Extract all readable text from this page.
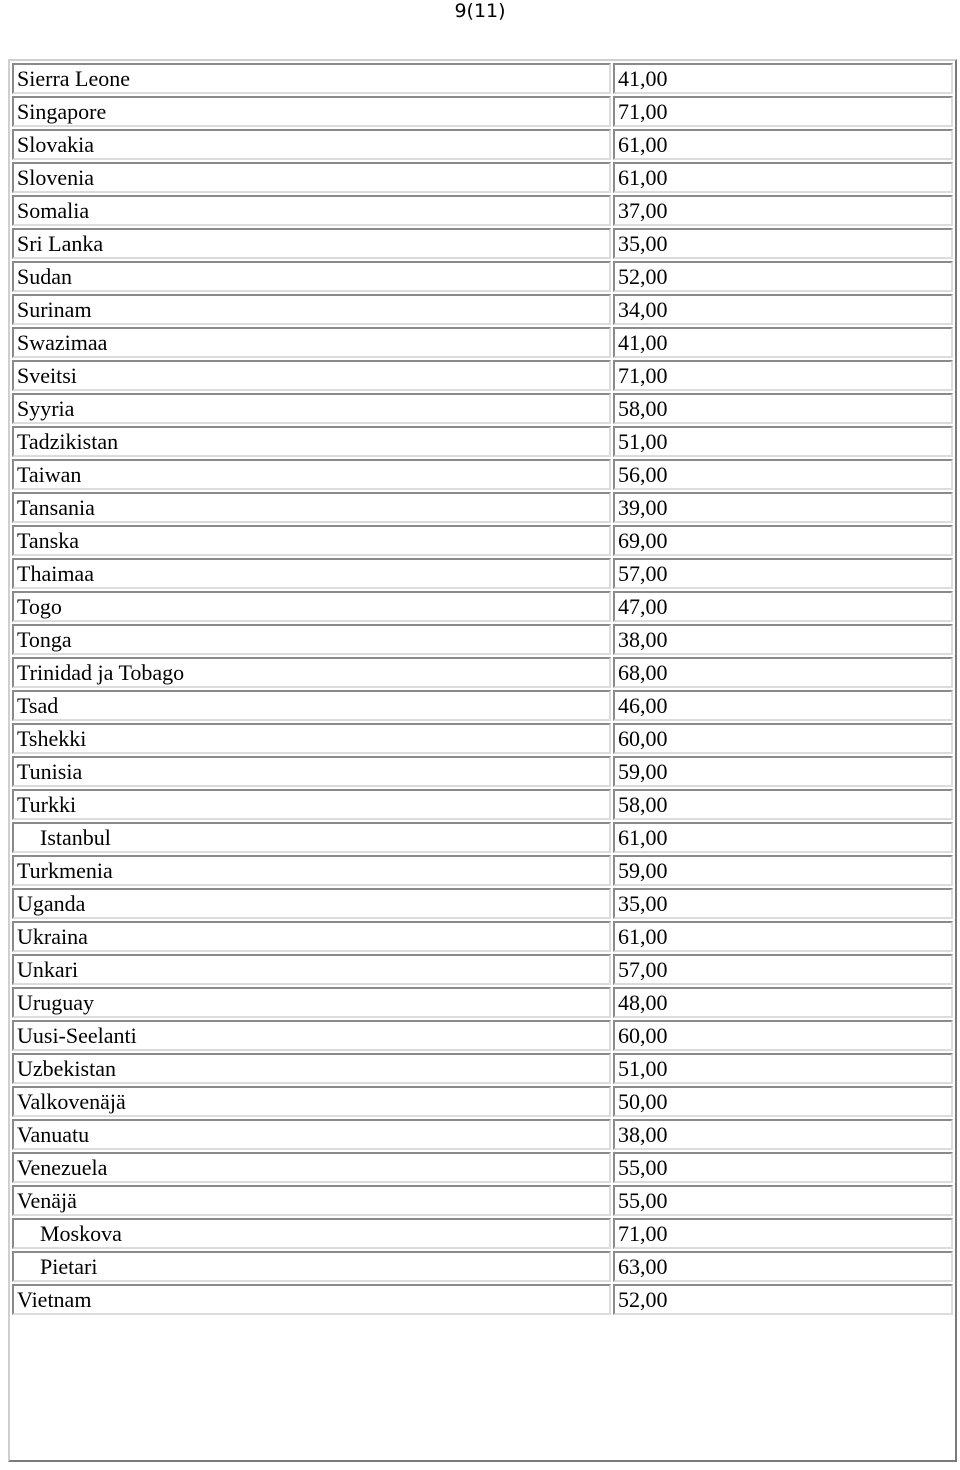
9(11)
Sierra Leone	41,00
Singapore	71,00
Slovakia	61,00
Slovenia	61,00
Somalia	37,00
Sri Lanka	35,00
Sudan	52,00
Surinam	34,00
Swazimaa	41,00
Sveitsi	71,00
Syyria	58,00
Tadzikistan	51,00
Taiwan	56,00
Tansania	39,00
Tanska	69,00
Thaimaa	57,00
Togo	47,00
Tonga	38,00
Trinidad ja Tobago	68,00
Tsad	46,00
Tshekki	60,00
Tunisia	59,00
Turkki	58,00
Istanbul	61,00
Turkmenia	59,00
Uganda	35,00
Ukraina	61,00
Unkari	57,00
Uruguay	48,00
Uusi-Seelanti	60,00
Uzbekistan	51,00
Valkovenäjä	50,00
Vanuatu	38,00
Venezuela	55,00
Venäjä	55,00
Moskova	71,00
Pietari	63,00
Vietnam	52,00
